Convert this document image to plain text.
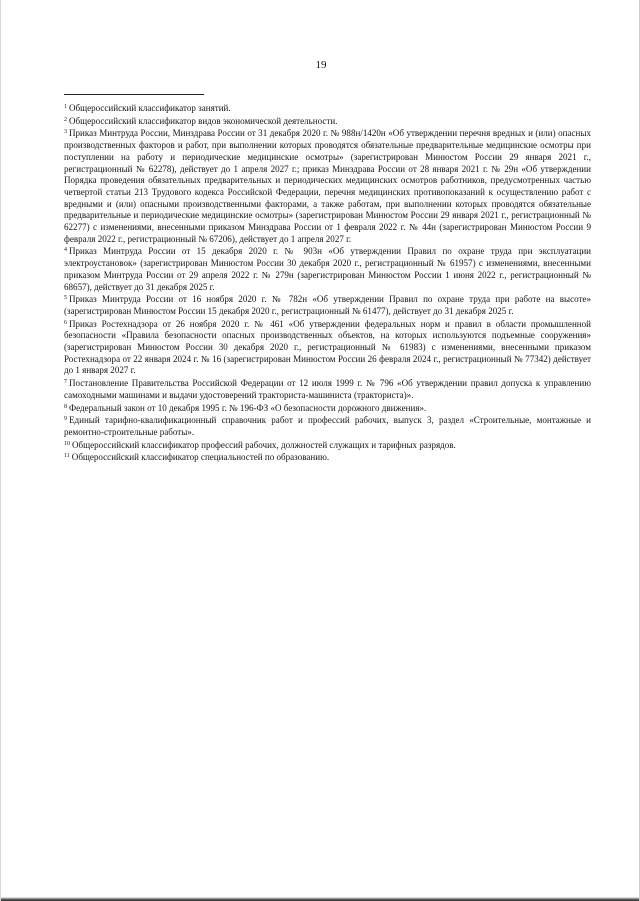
19

$^1$ Общероссийский классификатор занятий.

$^2$ Общероссийский классификатор видов экономической деятельности.

$^3$ Приказ Минтруда России, Минздрава России от 31 декабря 2020 г. № 988н/1420н «Об утверждении перечня вредных и (или) опасных производственных факторов и работ, при выполнении которых проводятся обязательные предварительные медицинские осмотры при поступлении на работу и периодические медицинские осмотры» (зарегистрирован Минюстом России 29 января 2021 г., регистрационный № 62278), действует до 1 апреля 2027 г.; приказ Минздрава России от 28 января 2021 г. № 29н «Об утверждении Порядка проведения обязательных предварительных и периодических медицинских осмотров работников, предусмотренных частью четвертой статьи 213 Трудового кодекса Российской Федерации, перечня медицинских противопоказаний к осуществлению работ с вредными и (или) опасными производственными факторами, а также работам, при выполнении которых проводятся обязательные предварительные и периодические медицинские осмотры» (зарегистрирован Минюстом России 29 января 2021 г., регистрационный № 62277) с изменениями, внесенными приказом Минздрава России от 1 февраля 2022 г. № 44н (зарегистрирован Минюстом России 9 февраля 2022 г., регистрационный № 67206), действует до 1 апреля 2027 г.

$^4$ Приказ Минтруда России от 15 декабря 2020 г. № 903н «Об утверждении Правил по охране труда при эксплуатации электроустановок» (зарегистрирован Минюстом России 30 декабря 2020 г., регистрационный № 61957) с изменениями, внесенными приказом Минтруда России от 29 апреля 2022 г. № 279н (зарегистрирован Минюстом России 1 июня 2022 г., регистрационный № 68657), действует до 31 декабря 2025 г.

$^5$ Приказ Минтруда России от 16 ноября 2020 г. № 782н «Об утверждении Правил по охране труда при работе на высоте» (зарегистрирован Минюстом России 15 декабря 2020 г., регистрационный № 61477), действует до 31 декабря 2025 г.

$^6$ Приказ Ростехнадзора от 26 ноября 2020 г. № 461 «Об утверждении федеральных норм и правил в области промышленной безопасности «Правила безопасности опасных производственных объектов, на которых используются подъемные сооружения» (зарегистрирован Минюстом России 30 декабря 2020 г., регистрационный № 61983) с изменениями, внесенными приказом Ростехнадзора от 22 января 2024 г. № 16 (зарегистрирован Минюстом России 26 февраля 2024 г., регистрационный № 77342) действует до 1 января 2027 г.

$^7$ Постановление Правительства Российской Федерации от 12 июля 1999 г. № 796 «Об утверждении правил допуска к управлению самоходными машинами и выдачи удостоверений тракториста-машиниста (тракториста)».

$^8$ Федеральный закон от 10 декабря 1995 г. № 196-ФЗ «О безопасности дорожного движения».

$^9$ Единый тарифно-квалификационный справочник работ и профессий рабочих, выпуск 3, раздел «Строительные, монтажные и ремонтно-строительные работы».

$^{10}$ Общероссийский классификатор профессий рабочих, должностей служащих и тарифных разрядов.

$^{11}$ Общероссийский классификатор специальностей по образованию.
